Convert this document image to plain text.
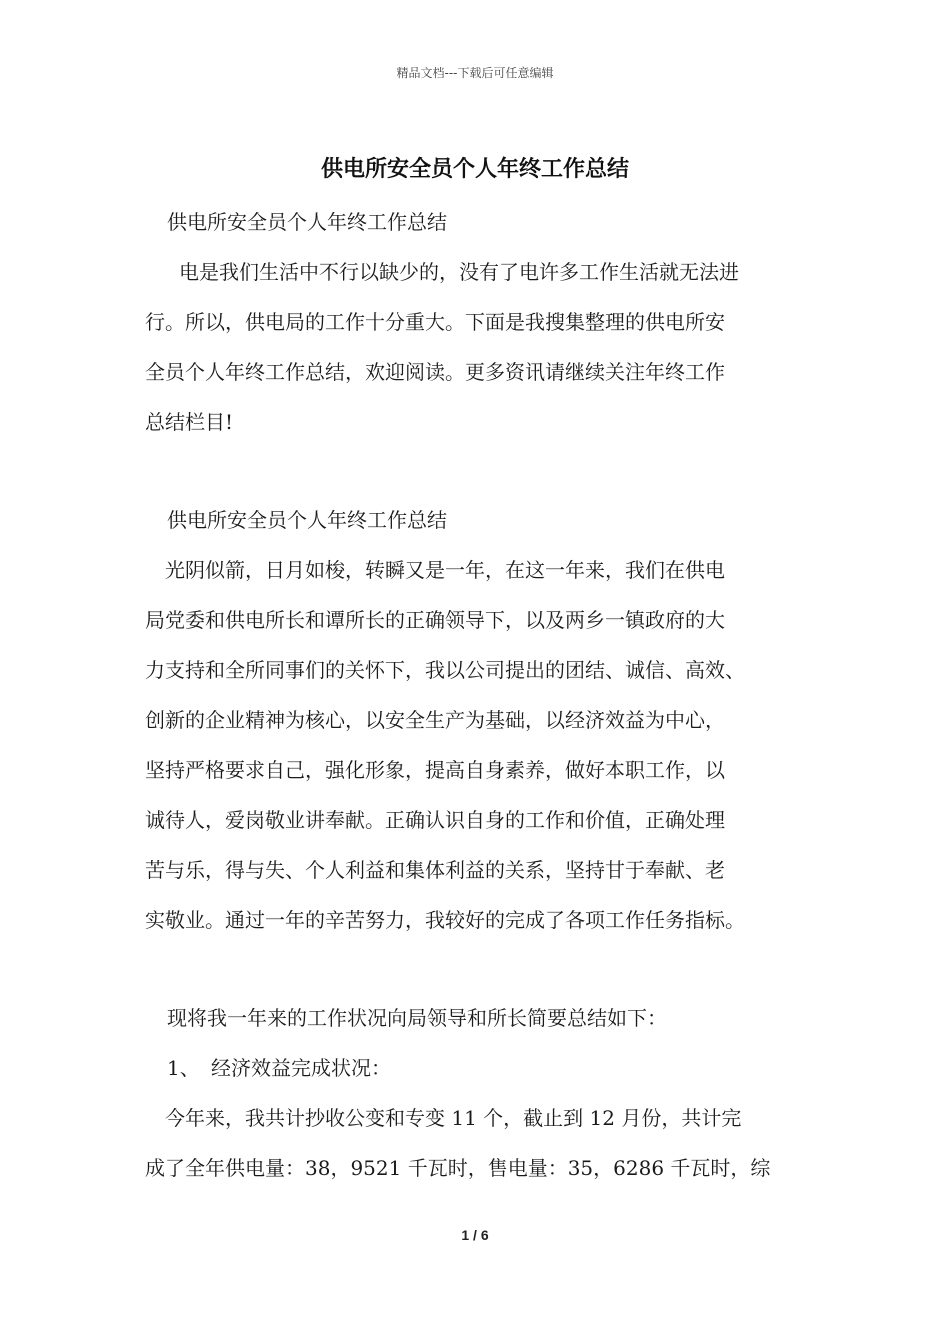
精品文档---下载后可任意编辑
供电所安全员个人年终工作总结
供电所安全员个人年终工作总结
电是我们生活中不行以缺少的，没有了电许多工作生活就无法进
行。所以，供电局的工作十分重大。下面是我搜集整理的供电所安
全员个人年终工作总结，欢迎阅读。更多资讯请继续关注年终工作
总结栏目!
供电所安全员个人年终工作总结
光阴似箭，日月如梭，转瞬又是一年，在这一年来，我们在供电
局党委和供电所长和谭所长的正确领导下，以及两乡一镇政府的大
力支持和全所同事们的关怀下，我以公司提出的团结、诚信、高效、
创新的企业精神为核心，以安全生产为基础，以经济效益为中心，
坚持严格要求自己，强化形象，提高自身素养，做好本职工作，以
诚待人，爱岗敬业讲奉献。正确认识自身的工作和价值，正确处理
苦与乐，得与失、个人利益和集体利益的关系，坚持甘于奉献、老
实敬业。通过一年的辛苦努力，我较好的完成了各项工作任务指标。
现将我一年来的工作状况向局领导和所长简要总结如下：
1、 经济效益完成状况：
今年来，我共计抄收公变和专变 11 个，截止到 12 月份，共计完
成了全年供电量：38，9521 千瓦时，售电量：35，6286 千瓦时，综
1 / 6
